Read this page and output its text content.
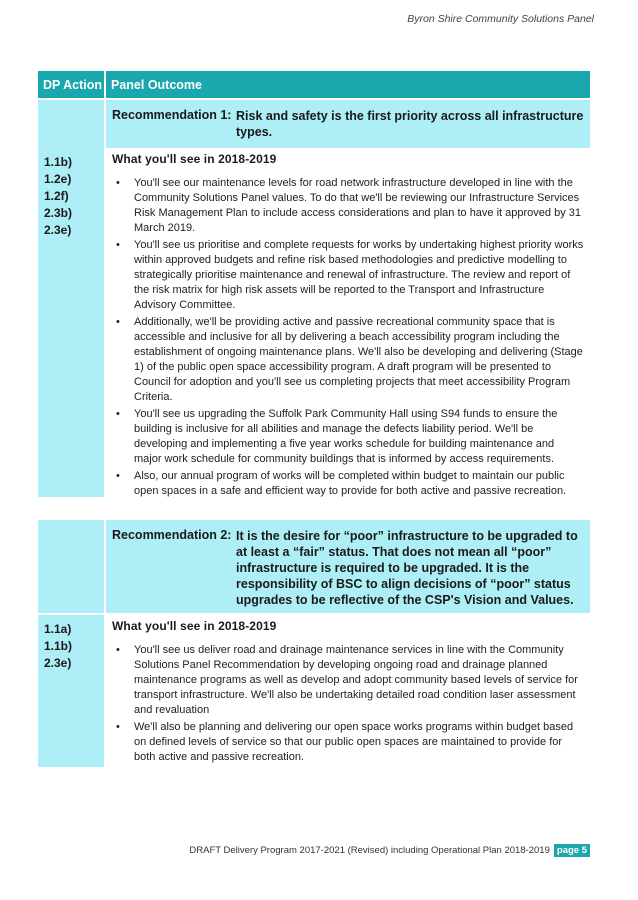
Byron Shire Community Solutions Panel
DP Action Panel Outcome
Recommendation 1: Risk and safety is the first priority across all infrastructure types.
1.1b)
1.2e)
1.2f)
2.3b)
2.3e)
What you'll see in 2018-2019
• You'll see our maintenance levels for road network infrastructure developed in line with the Community Solutions Panel values. To do that we'll be reviewing our Infrastructure Services Risk Management Plan to include access considerations and plan to have it approved by 31 March 2019.
• You'll see us prioritise and complete requests for works by undertaking highest priority works within approved budgets and refine risk based methodologies and predictive modelling to strategically prioritise maintenance and renewal of infrastructure. The review and report of the risk matrix for high risk assets will be reported to the Transport and Infrastructure Advisory Committee.
• Additionally, we'll be providing active and passive recreational community space that is accessible and inclusive for all by delivering a beach accessibility program including the establishment of ongoing maintenance plans. We'll also be developing and delivering (Stage 1) of the public open space accessibility program. A draft program will be presented to Council for adoption and you'll see us completing projects that meet accessibility Program Criteria.
• You'll see us upgrading the Suffolk Park Community Hall using S94 funds to ensure the building is inclusive for all abilities and manage the defects liability period. We'll be developing and implementing a five year works schedule for building maintenance and major work schedule for community buildings that is informed by access requirements.
• Also, our annual program of works will be completed within budget to maintain our public open spaces in a safe and efficient way to provide for both active and passive recreation.
Recommendation 2: It is the desire for “poor” infrastructure to be upgraded to at least a “fair” status. That does not mean all “poor” infrastructure is required to be upgraded. It is the responsibility of BSC to align decisions of “poor” status upgrades to be reflective of the CSP's Vision and Values.
1.1a)
1.1b)
2.3e)
What you'll see in 2018-2019
• You'll see us deliver road and drainage maintenance services in line with the Community Solutions Panel Recommendation by developing ongoing road and drainage planned maintenance programs as well as develop and adopt community based levels of service for transport infrastructure. We'll also be undertaking detailed road condition laser assessment and revaluation
• We'll also be planning and delivering our open space works programs within budget based on defined levels of service so that our public open spaces are maintained to provide for both active and passive recreation.
DRAFT Delivery Program 2017-2021 (Revised) including Operational Plan 2018-2019 page 5
